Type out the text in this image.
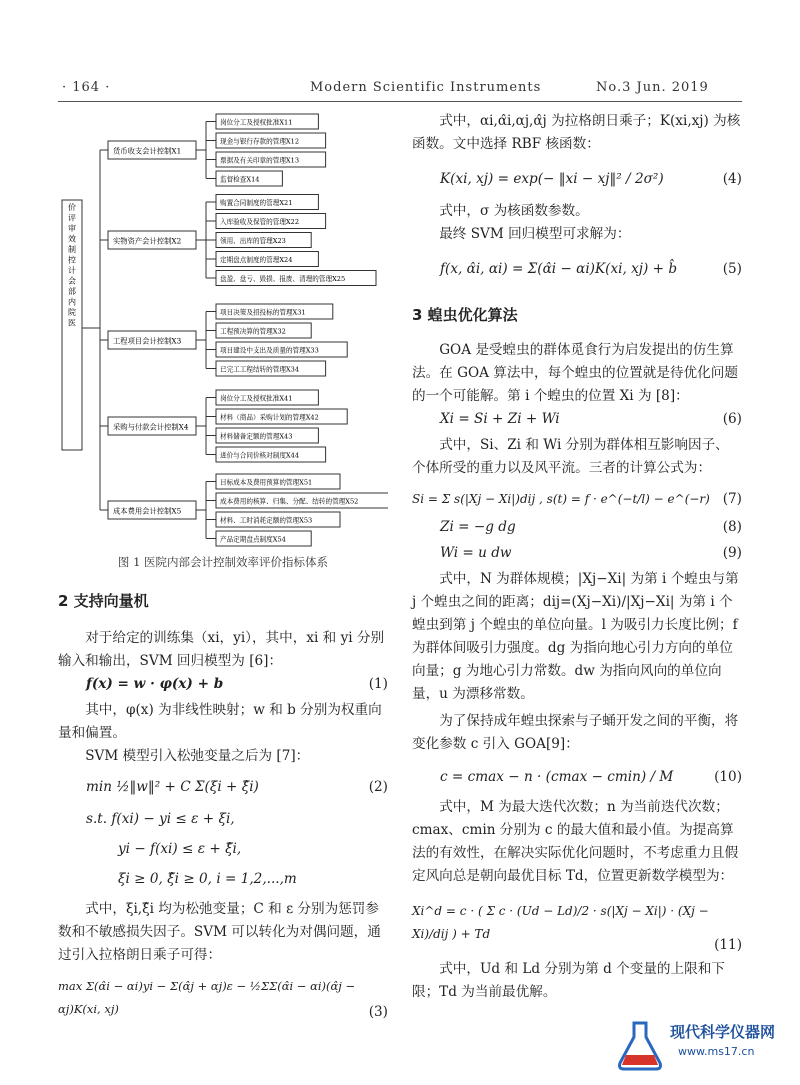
· 164 ·	Modern Scientific Instruments	No.3 Jun. 2019
价评审效制控计会部内院医
货币收支会计控制X1
岗位分工及授权批准X11
现金与银行存款的管理X12
票据及有关印章的管理X13
监督检查X14
实物资产会计控制X2
购置合同制度的管理X21
入库验收及保管的管理X22
领用、出库的管理X23
定期盘点制度的管理X24
盘盈、盘亏、毁损、报废、清理的管理X25
工程项目会计控制X3
项目决策及招投标的管理X31
工程预决算的管理X32
项目建设中支出及质量的管理X33
已完工工程结转的管理X34
采购与付款会计控制X4
岗位分工及授权批准X41
材料（商品）采购计划的管理X42
材料储备定额的管理X43
进价与合同价核对制度X44
成本费用会计控制X5
目标成本及费用预算的管理X51
成本费用的核算、归集、分配、结转的管理X52
材料、工时消耗定额的管理X53
产品定期盘点制度X54
图 1 医院内部会计控制效率评价指标体系

2 支持向量机

对于给定的训练集（xi，yi），其中，xi 和 yi 分别输入和输出，SVM 回归模型为 [6]：

f(x) = w · φ(x) + b	(1)

其中，φ(x) 为非线性映射；w 和 b 分别为权重向量和偏置。

SVM 模型引入松弛变量之后为 [7]：

min ½‖w‖² + C Σ(ξi + ξ̂i)	(2)
s.t. f(xi) − yi ≤ ε + ξi,
yi − f(xi) ≤ ε + ξ̂i,
ξi ≥ 0, ξ̂i ≥ 0, i = 1,2,...,m

式中，ξi,ξ̂i 均为松弛变量；C 和 ε 分别为惩罚参数和不敏感损失因子。SVM 可以转化为对偶问题，通过引入拉格朗日乘子可得：

max Σ(α̂i − αi)yi − Σ(α̂j + αj)ε − ½ΣΣ(α̂i − αi)(α̂j − αj)K(xi, xj)	(3)

式中，αi,α̂i,αj,α̂j 为拉格朗日乘子；K(xi,xj) 为核函数。文中选择 RBF 核函数：

K(xi, xj) = exp(− ‖xi − xj‖² / 2σ²)	(4)

式中，σ 为核函数参数。

最终 SVM 回归模型可求解为：

f(x, α̂i, αi) = Σ(α̂i − αi)K(xi, xj) + b̂	(5)

3 蝗虫优化算法

GOA 是受蝗虫的群体觅食行为启发提出的仿生算法。在 GOA 算法中，每个蝗虫的位置就是待优化问题的一个可能解。第 i 个蝗虫的位置 Xi 为 [8]：

Xi = Si + Zi + Wi	(6)

式中，Si、Zi 和 Wi 分别为群体相互影响因子、个体所受的重力以及风平流。三者的计算公式为：

Si = Σ s(|Xj − Xi|)dij , s(t) = f · e^(−t/l) − e^(−r) (7)
Zi = −g dg	(8)
Wi = u dw	(9)

式中，N 为群体规模；|Xj−Xi| 为第 i 个蝗虫与第 j 个蝗虫之间的距离；dij=(Xj−Xi)/|Xj−Xi| 为第 i 个蝗虫到第 j 个蝗虫的单位向量。l 为吸引力长度比例；f 为群体间吸引力强度。dg 为指向地心引力方向的单位向量；g 为地心引力常数。dw 为指向风向的单位向量，u 为漂移常数。

为了保持成年蝗虫探索与子蛹开发之间的平衡，将变化参数 c 引入 GOA[9]：

c = cmax − n · (cmax − cmin) / M	(10)

式中，M 为最大迭代次数；n 为当前迭代次数；cmax、cmin 分别为 c 的最大值和最小值。为提高算法的有效性，在解决实际优化问题时，不考虑重力且假定风向总是朝向最优目标 Td，位置更新数学模型为：

Xi^d = c · ( Σ c · (Ud − Ld)/2 · s(|Xj − Xi|) · (Xj − Xi)/dij ) + Td
(11)

式中，Ud 和 Ld 分别为第 d 个变量的上限和下限；Td 为当前最优解。

现代科学仪器网
www.ms17.cn
